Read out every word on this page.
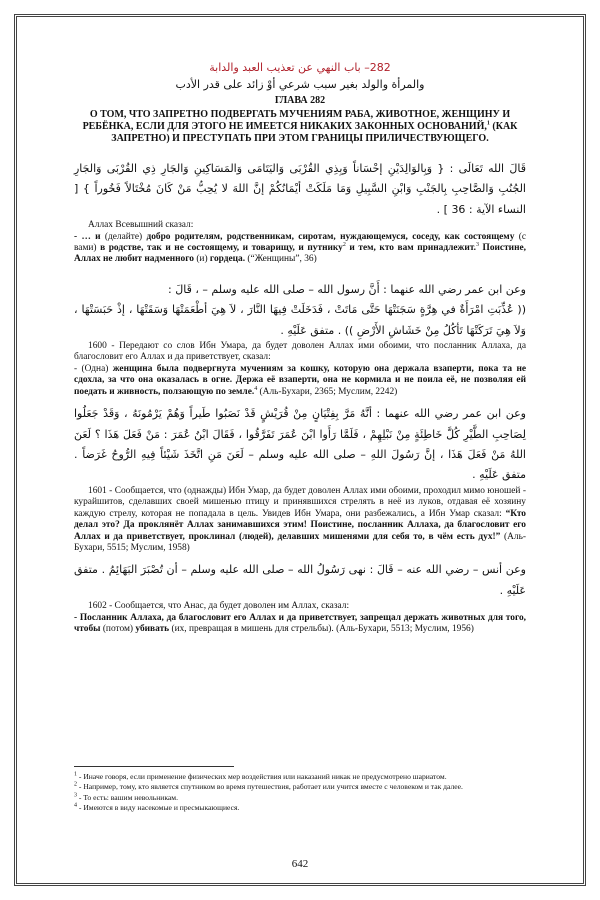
282– باب النهي عن تعذيب العبد والدابة
والمرأة والولد بغير سبب شرعي أوْ زائد على قدر الأدب
ГЛАВА 282
О ТОМ, ЧТО ЗАПРЕТНО ПОДВЕРГАТЬ МУЧЕНИЯМ РАБА, ЖИВОТНОЕ, ЖЕНЩИНУ И РЕБЁНКА, ЕСЛИ ДЛЯ ЭТОГО НЕ ИМЕЕТСЯ НИКАКИХ ЗАКОННЫХ ОСНОВАНИЙ,$^1$ (КАК ЗАПРЕТНО) И ПРЕСТУПАТЬ ПРИ ЭТОМ ГРАНИЦЫ ПРИЛИЧЕСТВУЮЩЕГО.

قَالَ الله تَعَالَى : { وَبِالوَالِدَيْنِ إحْسَاناً وَبِذِي القُرْبَى وَاليَتَامَى وَالمَسَاكِينِ وَالجَارِ ذِي القُرْبَى وَالجَارِ الجُنُبِ وَالصَّاحِبِ بِالجَنْبِ وَابْنِ السَّبِيلِ وَمَا مَلَكَتْ أيْمَانُكُمْ إنَّ اللهَ لا يُحِبُّ مَنْ كَانَ مُخْتَالاً فَخُوراً } [ النساء الآية : 36 ] .

Аллах Всевышний сказал:

- … и (делайте) добро родителям, родственникам, сиротам, нуждающемуся, соседу, как состоящему (с вами) в родстве, так и не состоящему, и товарищу, и путнику$^2$ и тем, кто вам принадлежит.$^3$ Поистине, Аллах не любит надменного (и) гордеца. (“Женщины”, 36)

وعن ابن عمر رضي الله عنهما : أَنَّ رسول الله – صلى الله عليه وسلم – ، قَالَ :

(( عُذِّبَتِ امْرَأَةٌ في هِرَّةٍ سَجَنَتْهَا حَتَّى مَاتَتْ ، فَدَخَلَتْ فِيهَا النَّارَ ، لاَ هِيَ أطْعَمَتْهَا وَسَقَتْهَا ، إذْ حَبَسَتْهَا ، وَلاَ هِيَ تَرَكَتْهَا تَأكُلُ مِنْ خَشَاشِ الأَرْضِ )) . متفق عَلَيْهِ .

1600 - Передают со слов Ибн Умара, да будет доволен Аллах ими обоими, что посланник Аллаха, да благословит его Аллах и да приветствует, сказал:

- (Одна) женщина была подвергнута мучениям за кошку, которую она держала взаперти, пока та не сдохла, за что она оказалась в огне. Держа её взаперти, она не кормила и не поила её, не позволяя ей поедать и живность, ползающую по земле.$^4$ (Аль-Бухари, 2365; Муслим, 2242)

وعن ابن عمر رضي الله عنهما : أنَّهُ مَرَّ بِفِتْيَانٍ مِنْ قُرَيْشٍ قَدْ نَصَبُوا طَيراً وَهُمْ يَرْمُونَهُ ، وَقَدْ جَعَلُوا لِصَاحِبِ الطَّيْرِ كُلَّ خَاطِئَةٍ مِنْ نَبْلِهِمْ ، فَلَمَّا رَأَوا ابْنَ عُمَرَ تَفَرَّقُوا ، فَقَالَ ابْنُ عُمَرَ : مَنْ فَعَلَ هَذَا ؟ لَعَنَ اللهُ مَنْ فَعَلَ هَذَا ، إنَّ رَسُولَ اللهِ – صلى الله عليه وسلم – لَعَنَ مَنِ اتَّخَذَ شَيْئاً فِيهِ الرُّوحُ غَرَضاً . متفق عَلَيْهِ .

1601 - Сообщается, что (однажды) Ибн Умар, да будет доволен Аллах ими обоими, проходил мимо юношей - курайшитов, сделавших своей мишенью птицу и принявшихся стрелять в неё из луков, отдавая её хозяину каждую стрелу, которая не попадала в цель. Увидев Ибн Умара, они разбежались, а Ибн Умар сказал: “Кто делал это? Да проклянёт Аллах занимавшихся этим! Поистине, посланник Аллаха, да благословит его Аллах и да приветствует, проклинал (людей), делавших мишенями для себя то, в чём есть дух!” (Аль-Бухари, 5515; Муслим, 1958)

وعن أنس – رضي الله عنه – قَالَ : نهى رَسُولُ الله – صلى الله عليه وسلم – أن تُصْبَرَ البَهَائِمُ . متفق عَلَيْهِ .

1602 - Сообщается, что Анас, да будет доволен им Аллах, сказал:

- Посланник Аллаха, да благословит его Аллах и да приветствует, запрещал держать животных для того, чтобы (потом) убивать (их, превращая в мишень для стрельбы). (Аль-Бухари, 5513; Муслим, 1956)

$^1$ - Иначе говоря, если применение физических мер воздействия или наказаний никак не предусмотрено шариатом.

$^2$ - Например, тому, кто является спутником во время путешествия, работает или учится вместе с человеком и так далее.

$^3$ - То есть: вашим невольникам.

$^4$ - Имеются в виду насекомые и пресмыкающиеся.

642
